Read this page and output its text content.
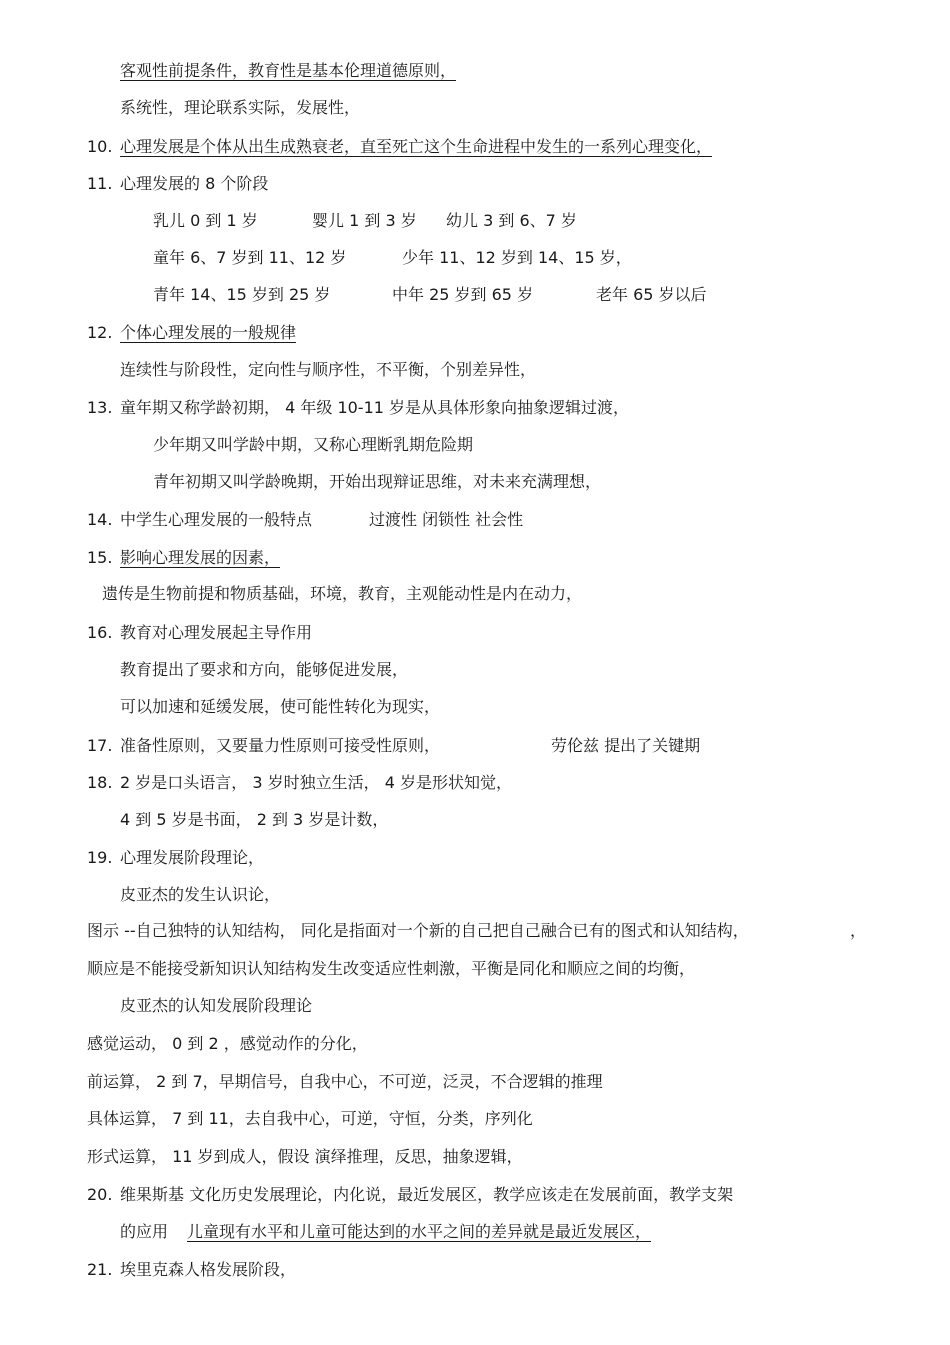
客观性前提条件，教育性是基本伦理道德原则，
系统性，理论联系实际，发展性，
10. 心理发展是个体从出生成熟衰老，直至死亡这个生命进程中发生的一系列心理变化，
11. 心理发展的 8 个阶段
乳儿 0 到 1 岁	婴儿 1 到 3 岁 幼儿 3 到 6、7 岁
童年 6、7 岁到 11、12 岁	少年 11、12 岁到 14、15 岁，
青年 14、15 岁到 25 岁	中年 25 岁到 65 岁	老年 65 岁以后
12. 个体心理发展的一般规律
连续性与阶段性，定向性与顺序性，不平衡，个别差异性，
13. 童年期又称学龄初期， 4 年级 10-11 岁是从具体形象向抽象逻辑过渡，
少年期又叫学龄中期，又称心理断乳期危险期
青年初期又叫学龄晚期，开始出现辩证思维，对未来充满理想，
14. 中学生心理发展的一般特点	过渡性 闭锁性 社会性
15. 影响心理发展的因素，
遗传是生物前提和物质基础，环境，教育，主观能动性是内在动力，
16. 教育对心理发展起主导作用
教育提出了要求和方向，能够促进发展，
可以加速和延缓发展，使可能性转化为现实，
17. 准备性原则，又要量力性原则可接受性原则，	劳伦兹 提出了关键期
18. 2 岁是口头语言， 3 岁时独立生活， 4 岁是形状知觉，
4 到 5 岁是书面， 2 到 3 岁是计数，
19. 心理发展阶段理论，
皮亚杰的发生认识论，
图示 --自己独特的认知结构， 同化是指面对一个新的自己把自己融合已有的图式和认知结构，	，
顺应是不能接受新知识认知结构发生改变适应性刺激，平衡是同化和顺应之间的均衡，
皮亚杰的认知发展阶段理论
感觉运动， 0 到 2 ，感觉动作的分化，
前运算， 2 到 7，早期信号，自我中心，不可逆，泛灵，不合逻辑的推理
具体运算， 7 到 11，去自我中心，可逆，守恒，分类，序列化
形式运算， 11 岁到成人，假设 演绎推理，反思，抽象逻辑，
20. 维果斯基 文化历史发展理论，内化说，最近发展区，教学应该走在发展前面，教学支架
的应用 儿童现有水平和儿童可能达到的水平之间的差异就是最近发展区，
21. 埃里克森人格发展阶段，
